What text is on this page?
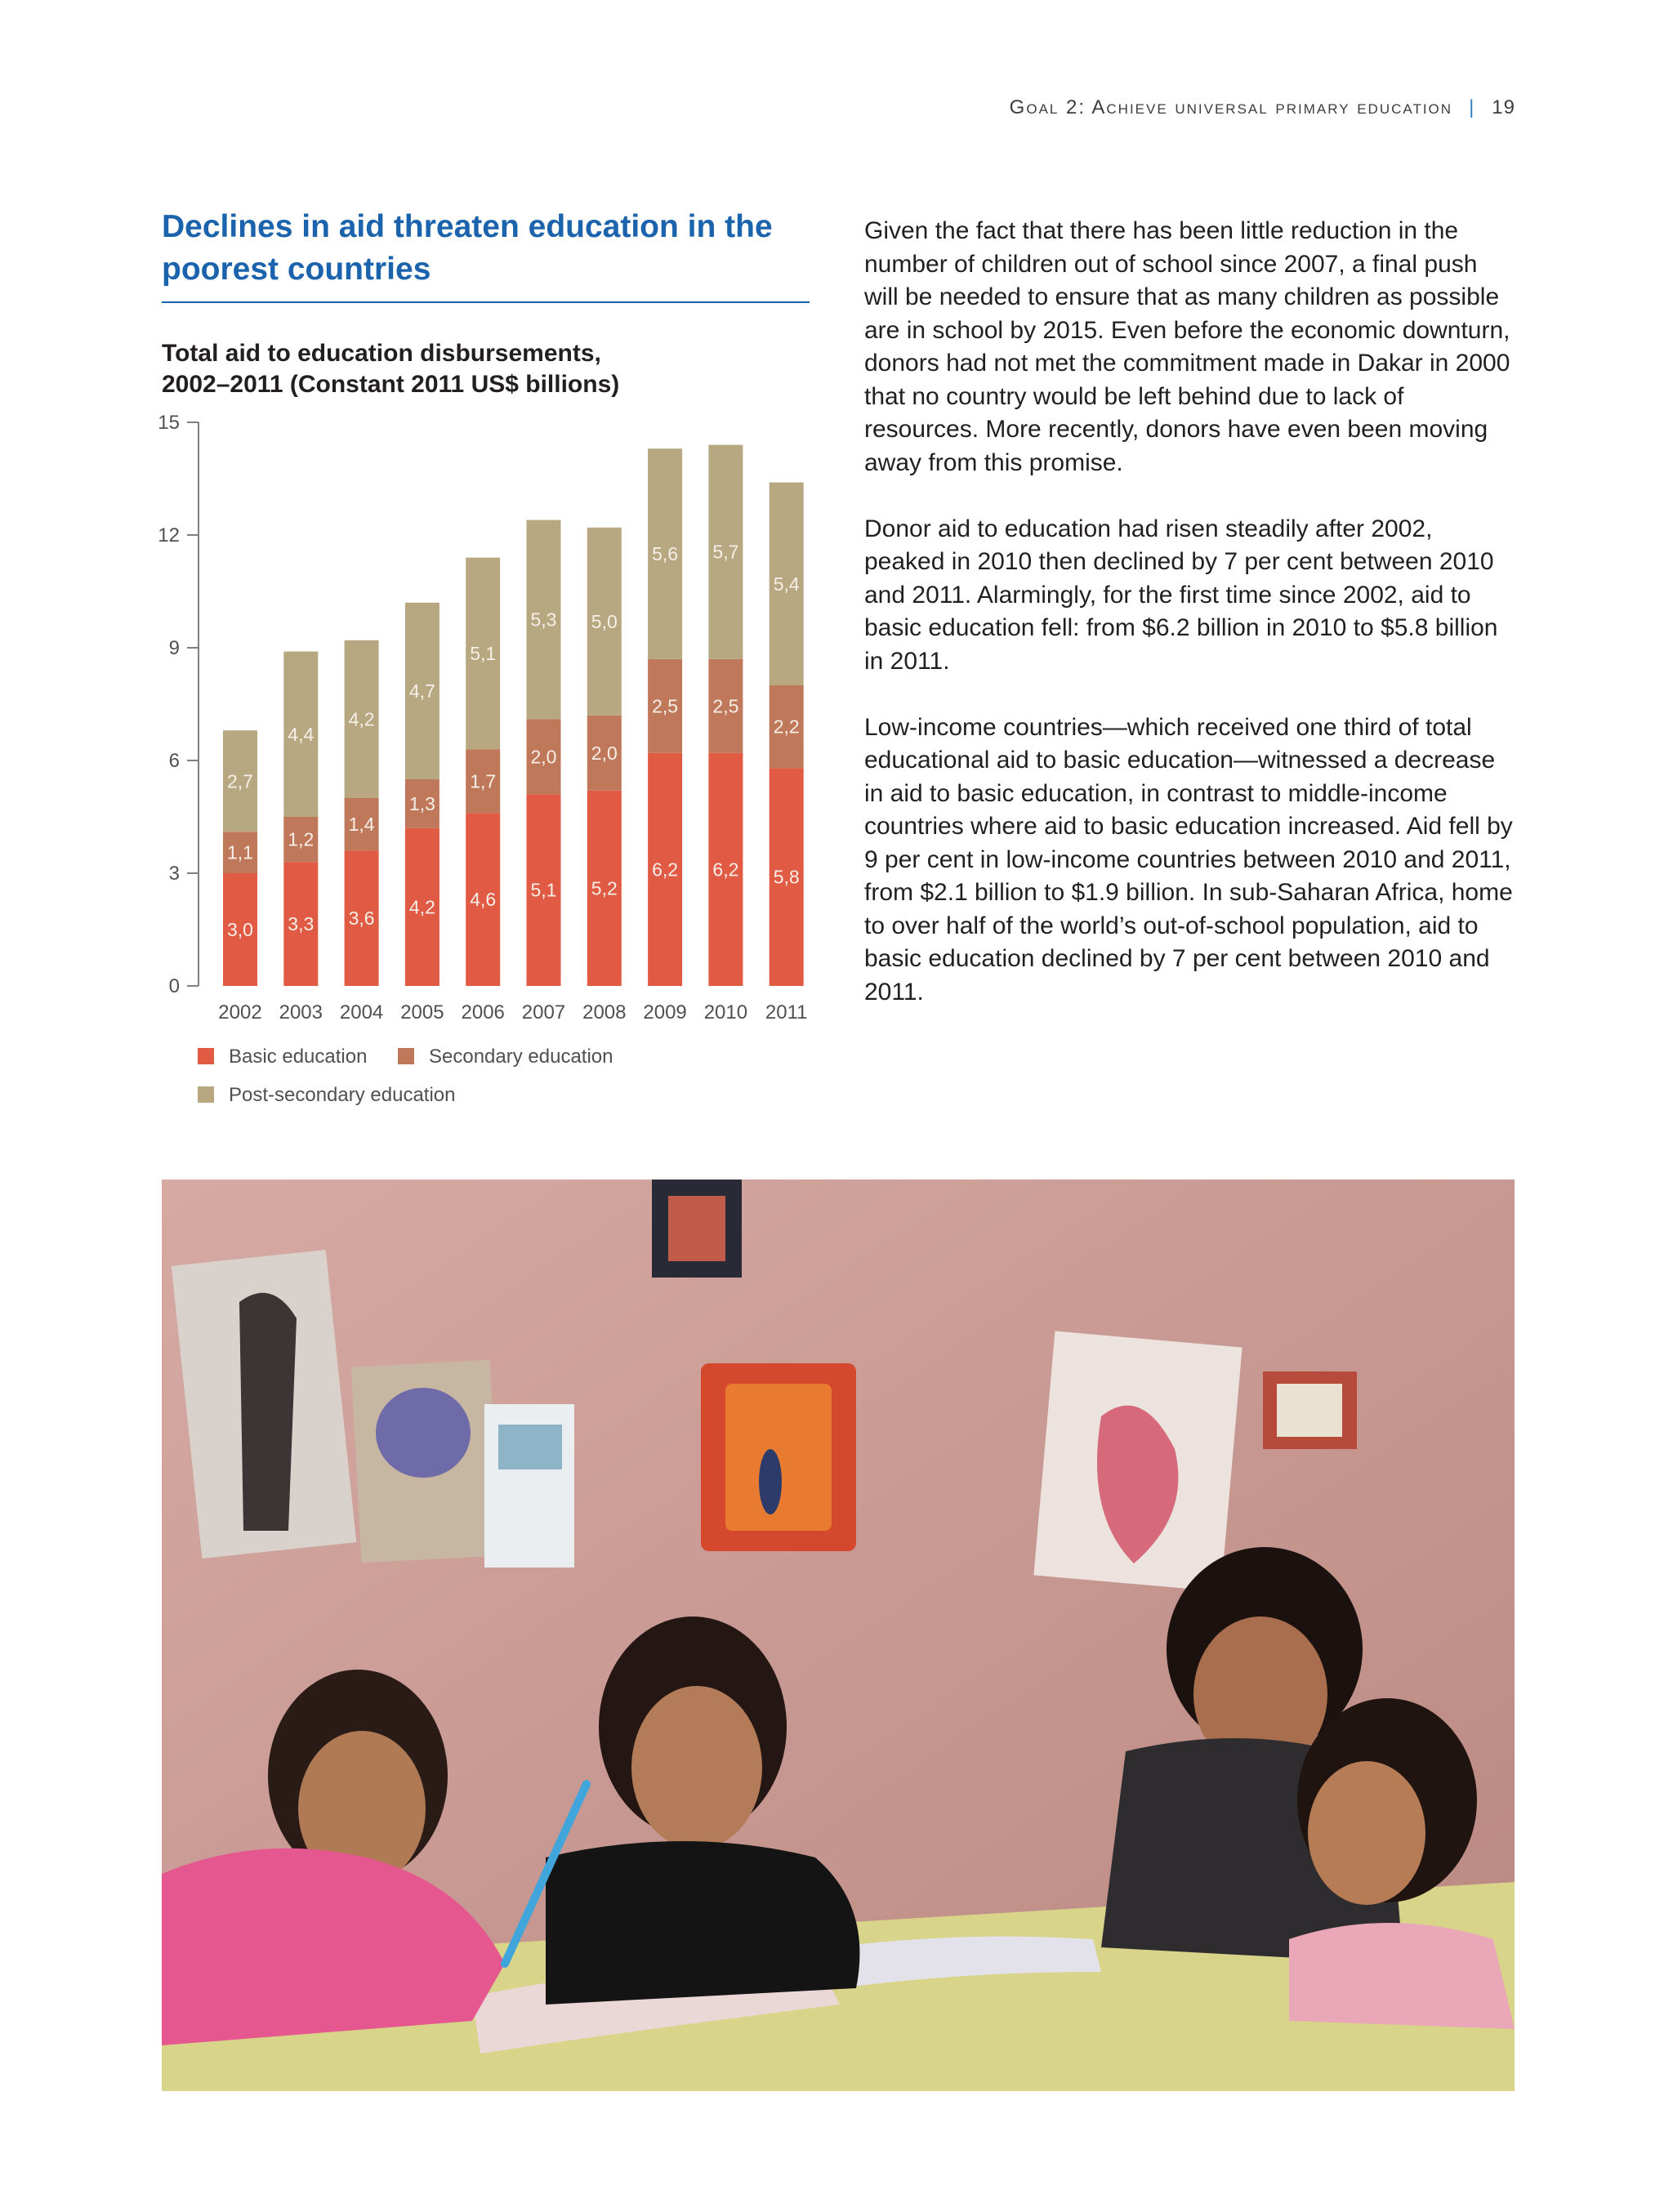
Goal 2: Achieve universal primary education | 19
Declines in aid threaten education in the poorest countries
Total aid to education disbursements,
2002–2011 (Constant 2011 US$ billions)
0
3
6
9
12
15
3,0
1,1
2,7
2002
3,3
1,2
4,4
2003
3,6
1,4
4,2
2004
4,2
1,3
4,7
2005
4,6
1,7
5,1
2006
5,1
2,0
5,3
2007
5,2
2,0
5,0
2008
6,2
2,5
5,6
2009
6,2
2,5
5,7
2010
5,8
2,2
5,4
2011
Basic education	Secondary education
Post-secondary education

Given the fact that there has been little reduction in the number of children out of school since 2007, a final push will be needed to ensure that as many children as possible are in school by 2015. Even before the economic downturn, donors had not met the commitment made in Dakar in 2000 that no country would be left behind due to lack of resources. More recently, donors have even been moving away from this promise.

Donor aid to education had risen steadily after 2002, peaked in 2010 then declined by 7 per cent between 2010 and 2011. Alarmingly, for the first time since 2002, aid to basic education fell: from $6.2 billion in 2010 to $5.8 billion in 2011.

Low-income countries—which received one third of total educational aid to basic education—witnessed a decrease in aid to basic education, in contrast to middle-income countries where aid to basic education increased. Aid fell by 9 per cent in low-income countries between 2010 and 2011, from $2.1 billion to $1.9 billion. In sub-Saharan Africa, home to over half of the world’s out-of-school population, aid to basic education declined by 7 per cent between 2010 and 2011.
